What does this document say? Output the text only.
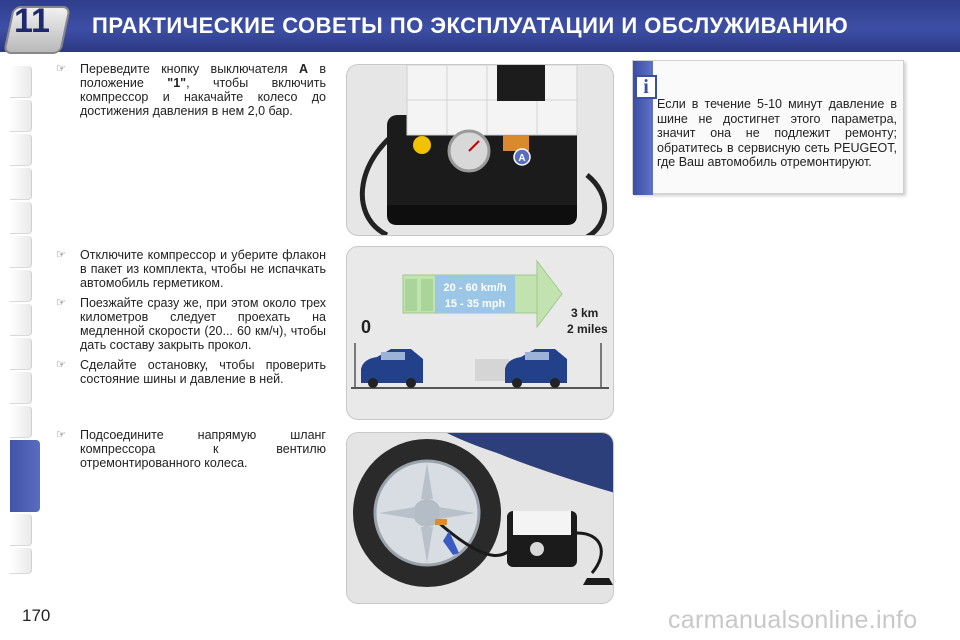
ПРАКТИЧЕСКИЕ СОВЕТЫ ПО ЭКСПЛУАТАЦИИ И ОБСЛУЖИВАНИЮ
11
☞ Переведите кнопку выключателя A в положение "1", чтобы включить компрессор и накачайте колесо до достижения давления в нем 2,0 бар.
☞ Отключите компрессор и уберите флакон в пакет из комплекта, чтобы не испачкать автомобиль герметиком.
☞ Поезжайте сразу же, при этом около трех километров следует проехать на медленной скорости (20... 60 км/ч), чтобы дать составу закрыть прокол.
☞ Сделайте остановку, чтобы проверить состояние шины и давление в ней.
☞ Подсоедините напрямую шланг компрессора к вентилю отремонтированного колеса.
A
20 - 60 km/h
15 - 35 mph
0
3 km
2 miles
i
Если в течение 5-10 минут давление в шине не достигнет этого параметра, значит она не подлежит ремонту; обратитесь в сервисную сеть PEUGEOT, где Ваш автомобиль отремонтируют.
170	carmanualsonline.info
